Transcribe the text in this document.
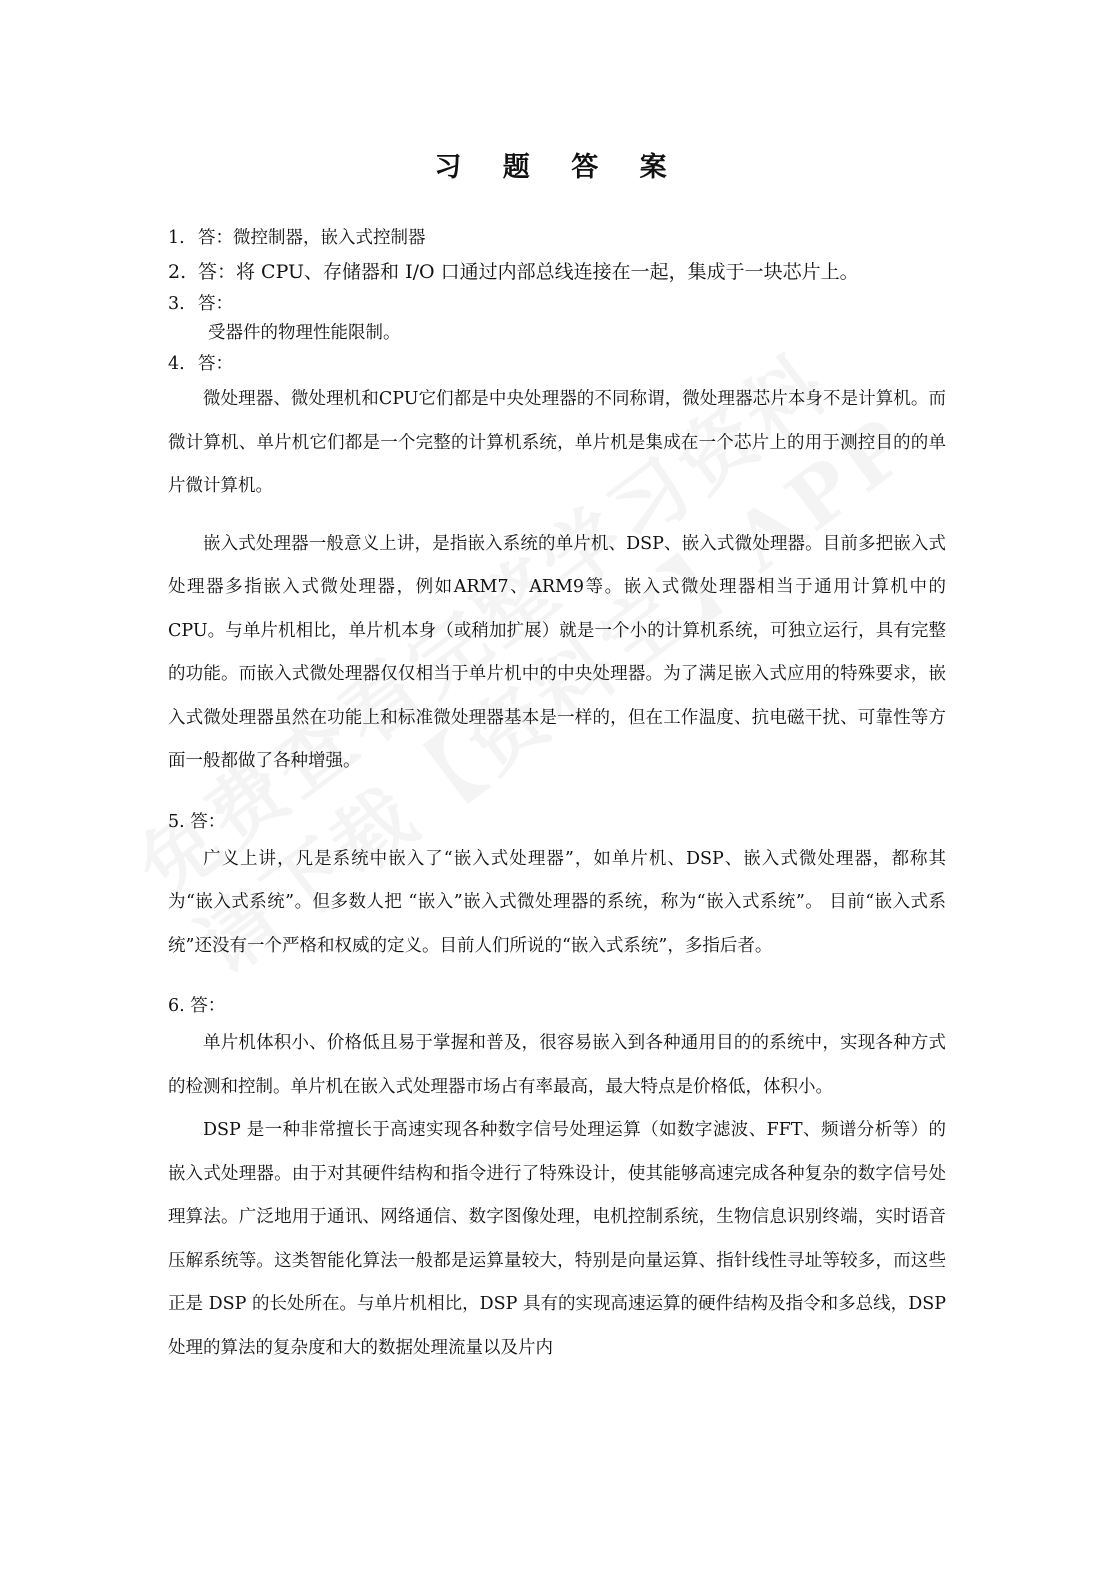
习 题 答 案
1. 答：微控制器，嵌入式控制器
2. 答：将 CPU、存储器和 I/O 口通过内部总线连接在一起，集成于一块芯片上。
3. 答：
受器件的物理性能限制。
4. 答：

微处理器、微处理机和CPU它们都是中央处理器的不同称谓，微处理器芯片本身不是计算机。而微计算机、单片机它们都是一个完整的计算机系统，单片机是集成在一个芯片上的用于测控目的的单片微计算机。

嵌入式处理器一般意义上讲，是指嵌入系统的单片机、DSP、嵌入式微处理器。目前多把嵌入式处理器多指嵌入式微处理器，例如ARM7、ARM9等。嵌入式微处理器相当于通用计算机中的CPU。与单片机相比，单片机本身（或稍加扩展）就是一个小的计算机系统，可独立运行，具有完整的功能。而嵌入式微处理器仅仅相当于单片机中的中央处理器。为了满足嵌入式应用的特殊要求，嵌入式微处理器虽然在功能上和标准微处理器基本是一样的，但在工作温度、抗电磁干扰、可靠性等方面一般都做了各种增强。

5. 答：

广义上讲，凡是系统中嵌入了“嵌入式处理器”，如单片机、DSP、嵌入式微处理器，都称其为“嵌入式系统”。但多数人把 “嵌入”嵌入式微处理器的系统，称为“嵌入式系统”。 目前“嵌入式系统”还没有一个严格和权威的定义。目前人们所说的“嵌入式系统”，多指后者。

6. 答：

单片机体积小、价格低且易于掌握和普及，很容易嵌入到各种通用目的的系统中，实现各种方式的检测和控制。单片机在嵌入式处理器市场占有率最高，最大特点是价格低，体积小。

DSP 是一种非常擅长于高速实现各种数字信号处理运算（如数字滤波、FFT、频谱分析等）的嵌入式处理器。由于对其硬件结构和指令进行了特殊设计，使其能够高速完成各种复杂的数字信号处理算法。广泛地用于通讯、网络通信、数字图像处理，电机控制系统，生物信息识别终端，实时语音压解系统等。这类智能化算法一般都是运算量较大，特别是向量运算、指针线性寻址等较多，而这些正是 DSP 的长处所在。与单片机相比，DSP 具有的实现高速运算的硬件结构及指令和多总线，DSP 处理的算法的复杂度和大的数据处理流量以及片内
